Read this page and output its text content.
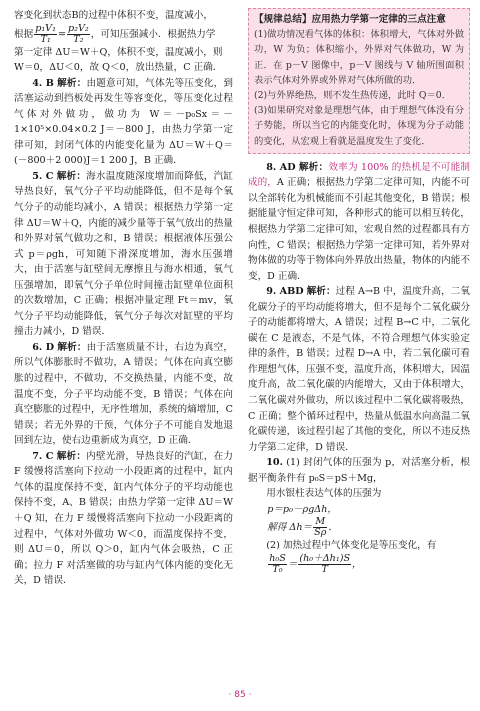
容变化到状态B的过程中体积不变，温度减小，
根据 $\frac{\text{p₁V₁}}{\text{T₁}} = \frac{\text{p₂V₂}}{\text{T₂}}$ ，可知压强减小．根据热力学
第一定律 ΔU＝W＋Q，体积不变，温度减小，则
W＝0，ΔU＜0，故 Q＜0，放出热量，C 正确．

4. B 解析：由题意可知，气体先等压变化，到活塞运动到挡板处再发生等容变化，等压变化过程气体对外做功，做功为 W＝－p₀Sx＝－1×10⁵×0.04×0.2 J＝－800 J，由热力学第一定律可知，封闭气体的内能变化量为 ΔU＝W＋Q＝(－800＋2 000)J＝1 200 J，B 正确．

5. C 解析：海水温度随深度增加而降低，汽缸导热良好，氧气分子平均动能降低，但不是每个氧气分子的动能均减小，A 错误；根据热力学第一定律 ΔU＝W＋Q，内能的减少量等于氧气放出的热量和外界对氧气做功之和，B 错误；根据液体压强公式 p＝ρgh，可知随下滑深度增加，海水压强增大，由于活塞与缸壁间无摩擦且与海水相通，氧气压强增加，即氧气分子单位时间撞击缸壁单位面积的次数增加，C 正确；根据冲量定理 Ft＝mv，氧气分子平均动能降低，氧气分子每次对缸壁的平均撞击力减小，D 错误．

6. D 解析：由于活塞质量不计，右边为真空，所以气体膨胀时不做功，A 错误；气体在向真空膨胀的过程中，不做功，不交换热量，内能不变，故温度不变，分子平均动能不变，B 错误；气体在向真空膨胀的过程中，无序性增加，系统的熵增加，C 错误；若无外界的干预，气体分子不可能自发地退回到左边，使右边重新成为真空，D 正确．

7. C 解析：内壁光滑，导热良好的汽缸，在力 F 缓慢将活塞向下拉动一小段距离的过程中，缸内气体的温度保持不变，缸内气体分子的平均动能也保持不变，A、B 错误；由热力学第一定律 ΔU＝W＋Q 知，在力 F 缓慢将活塞向下拉动一小段距离的过程中，气体对外做功 W＜0，而温度保持不变，则 ΔU＝0，所以 Q＞0，缸内气体会吸热，C 正确；拉力 F 对活塞做的功与缸内气体内能的变化无关，D 错误．

【规律总结】应用热力学第一定律的三点注意

(1)做功情况看气体的体积：体积增大，气体对外做功，W 为负；体积缩小，外界对气体做功，W 为正．在 p－V 图像中，p－V 图线与 V 轴所围面积表示气体对外界或外界对气体所做的功．

(2)与外界绝热，则不发生热传递，此时 Q＝0．

(3)如果研究对象是理想气体，由于理想气体没有分子势能，所以当它的内能变化时，体现为分子动能的变化，从宏观上看就是温度发生了变化．

8. AD 解析：效率为 100% 的热机是不可能制成的，A 正确；根据热力学第二定律可知，内能不可以全部转化为机械能而不引起其他变化，B 错误；根据能量守恒定律可知，各种形式的能可以相互转化，根据热力学第二定律可知，宏观自然的过程都具有方向性，C 错误；根据热力学第一定律可知，若外界对物体做的功等于物体向外界放出热量，物体的内能不变，D 正确．

9. ABD 解析：过程 A→B 中，温度升高，二氧化碳分子的平均动能将增大，但不是每个二氧化碳分子的动能都将增大，A 错误；过程 B→C 中，二氧化碳在 C 是液态，不是气体，不符合理想气体实验定律的条件，B 错误；过程 D→A 中，若二氧化碳可看作理想气体，压强不变，温度升高，体积增大，因温度升高，故二氧化碳的内能增大，又由于体积增大，二氧化碳对外做功，所以该过程中二氧化碳将吸热，C 正确；整个循环过程中，热量从低温水向高温二氧化碳传递，该过程引起了其他的变化，所以不违反热力学第二定律，D 错误．

10. (1) 封闭气体的压强为 p，对活塞分析，根据平衡条件有 p₀S＝pS＋Mg，

用水银柱表达气体的压强为

p＝p₀－ρgΔh，

解得 $\Delta h= \frac{M}{S\rho}$ ．

(2) 加热过程中气体变化是等压变化，有

$\frac{\text{h₀S}}{\text{T₀}} = \frac{\text{(h₀＋Δh₁)S}}{T}$ ，

· 85 ·
